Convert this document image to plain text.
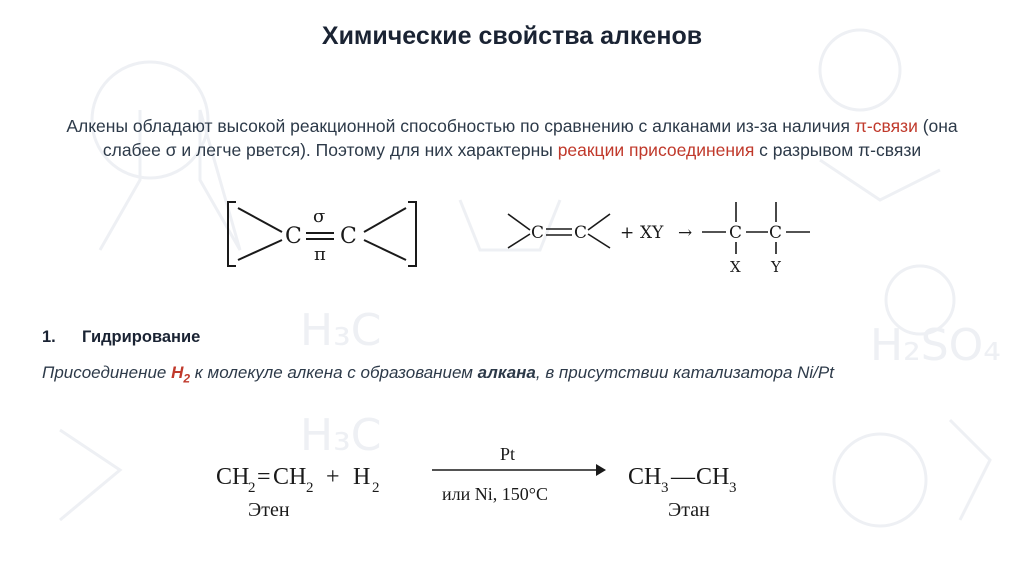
H₂SO₄
H₃C
H₃C
Химические свойства алкенов
Алкены обладают высокой реакционной способностью по сравнению с алканами из-за наличия π-связи (она слабее σ и легче рвется). Поэтому для них характерны реакции присоединения с разрывом π-связи
C C
σ
π
C C + XY → C C
X Y
1. Гидрирование
Присоединение $H_2$ к молекуле алкена с образованием алкана, в присутствии катализатора Ni/Pt
CH
2 = CH 2 + H 2	CH 3 — CH 3
Pt
или Ni, 150°C
Этен	Этан
